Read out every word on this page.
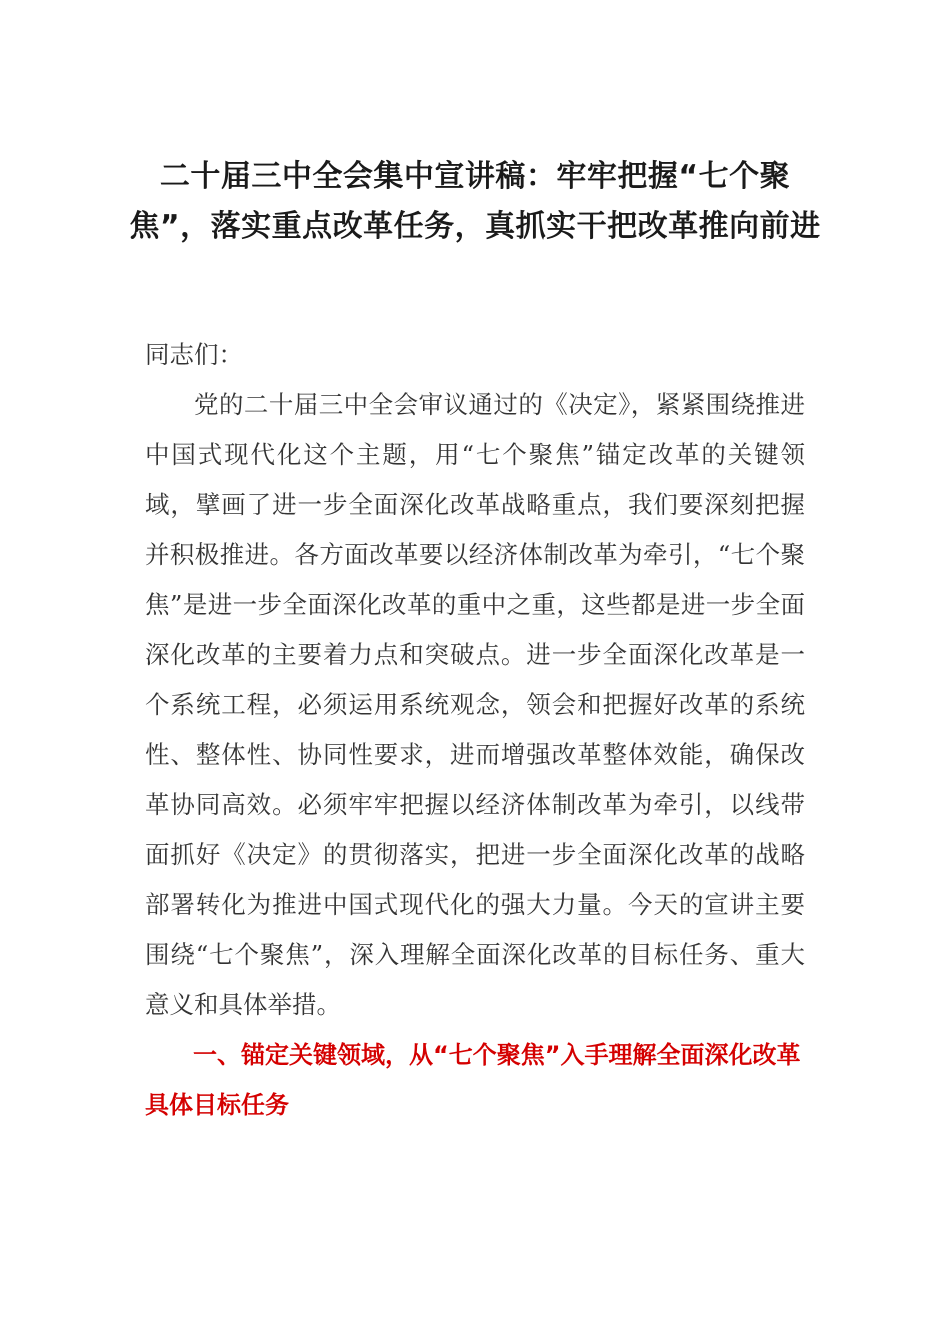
二十届三中全会集中宣讲稿：牢牢把握“七个聚焦”，落实重点改革任务，真抓实干把改革推向前进

同志们：

党的二十届三中全会审议通过的《决定》，紧紧围绕推进中国式现代化这个主题，用“七个聚焦”锚定改革的关键领域，擘画了进一步全面深化改革战略重点，我们要深刻把握并积极推进。各方面改革要以经济体制改革为牵引，“七个聚焦”是进一步全面深化改革的重中之重，这些都是进一步全面深化改革的主要着力点和突破点。进一步全面深化改革是一个系统工程，必须运用系统观念，领会和把握好改革的系统性、整体性、协同性要求，进而增强改革整体效能，确保改革协同高效。必须牢牢把握以经济体制改革为牵引，以线带面抓好《决定》的贯彻落实，把进一步全面深化改革的战略部署转化为推进中国式现代化的强大力量。今天的宣讲主要围绕“七个聚焦”，深入理解全面深化改革的目标任务、重大意义和具体举措。

一、锚定关键领域，从“七个聚焦”入手理解全面深化改革具体目标任务
